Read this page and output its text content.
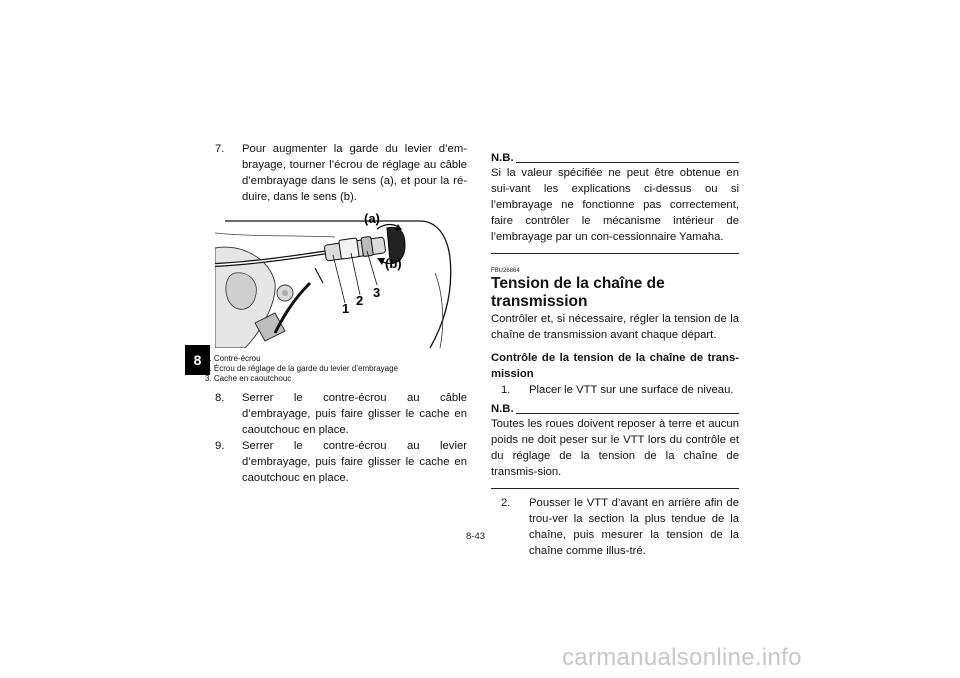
8

7. Pour augmenter la garde du levier d’em-brayage, tourner l’écrou de réglage au câble d’embrayage dans le sens (a), et pour la ré-duire, dans le sens (b).

(a)
(b)
1
2
3
1. Contre-écrou
2. Écrou de réglage de la garde du levier d’embrayage
3. Cache en caoutchouc

8. Serrer le contre-écrou au câble d’embrayage, puis faire glisser le cache en caoutchouc en place.

9. Serrer le contre-écrou au levier d’embrayage, puis faire glisser le cache en caoutchouc en place.

N.B.
Si la valeur spécifiée ne peut être obtenue en sui-vant les explications ci-dessus ou si l’embrayage ne fonctionne pas correctement, faire contrôler le mécanisme intérieur de l’embrayage par un con-cessionnaire Yamaha.
FBU26864
Tension de la chaîne de transmission
Contrôler et, si nécessaire, régler la tension de la chaîne de transmission avant chaque départ.
Contrôle de la tension de la chaîne de trans-mission

1. Placer le VTT sur une surface de niveau.

N.B.
Toutes les roues doivent reposer à terre et aucun poids ne doit peser sur le VTT lors du contrôle et du réglage de la tension de la chaîne de transmis-sion.

2. Pousser le VTT d’avant en arrière afin de trou-ver la section la plus tendue de la chaîne, puis mesurer la tension de la chaîne comme illus-tré.

8-43
carmanualsonline.info
